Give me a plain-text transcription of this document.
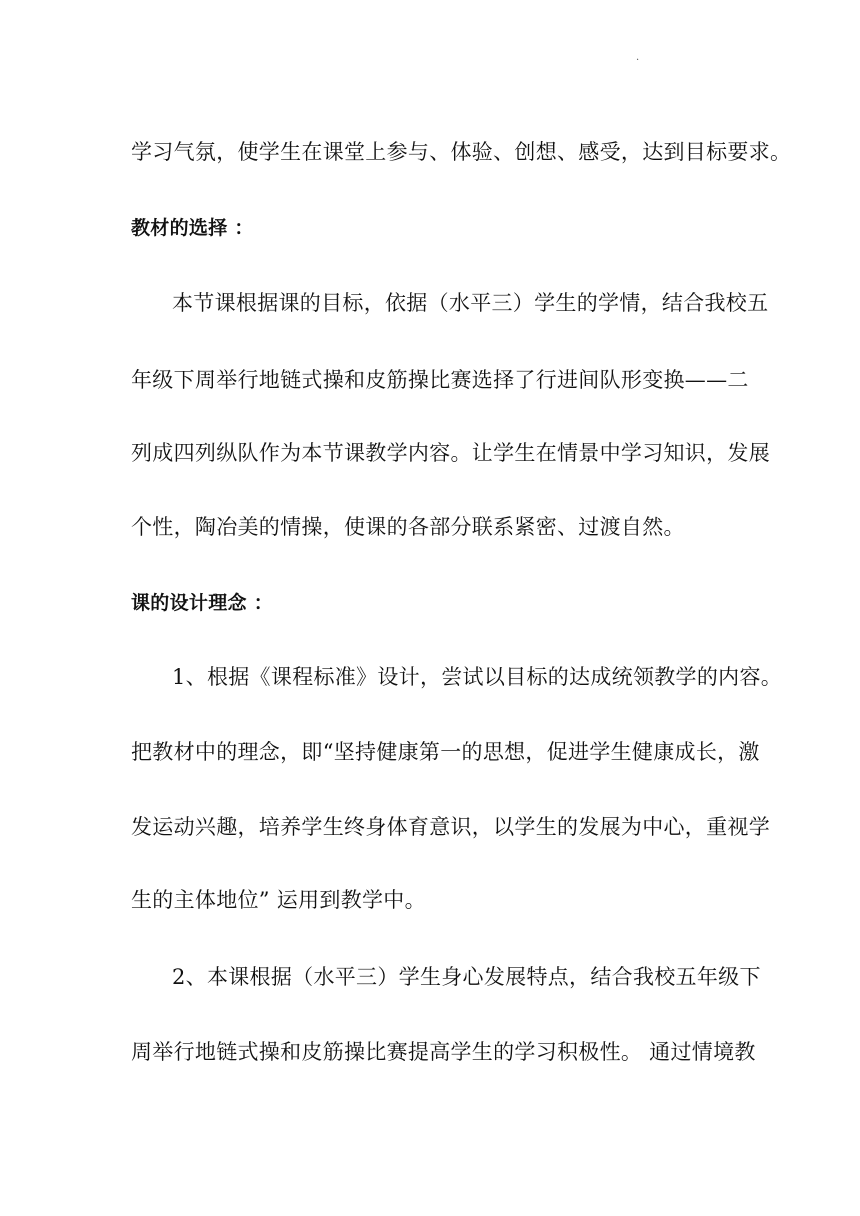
.
学习气氛，使学生在课堂上参与、体验、创想、感受，达到目标要求。
教材的选择 ：
本节课根据课的目标，依据（水平三）学生的学情，结合我校五
年级下周举行地链式操和皮筋操比赛选择了行进间队形变换——二
列成四列纵队作为本节课教学内容。让学生在情景中学习知识，发展
个性，陶冶美的情操，使课的各部分联系紧密、过渡自然。
课的设计理念 ：
1、根据《课程标准》设计，尝试以目标的达成统领教学的内容。
把教材中的理念，即“坚持健康第一的思想，促进学生健康成长，激
发运动兴趣，培养学生终身体育意识，以学生的发展为中心，重视学
生的主体地位” 运用到教学中。
2、本课根据（水平三）学生身心发展特点，结合我校五年级下
周举行地链式操和皮筋操比赛提高学生的学习积极性。 通过情境教
